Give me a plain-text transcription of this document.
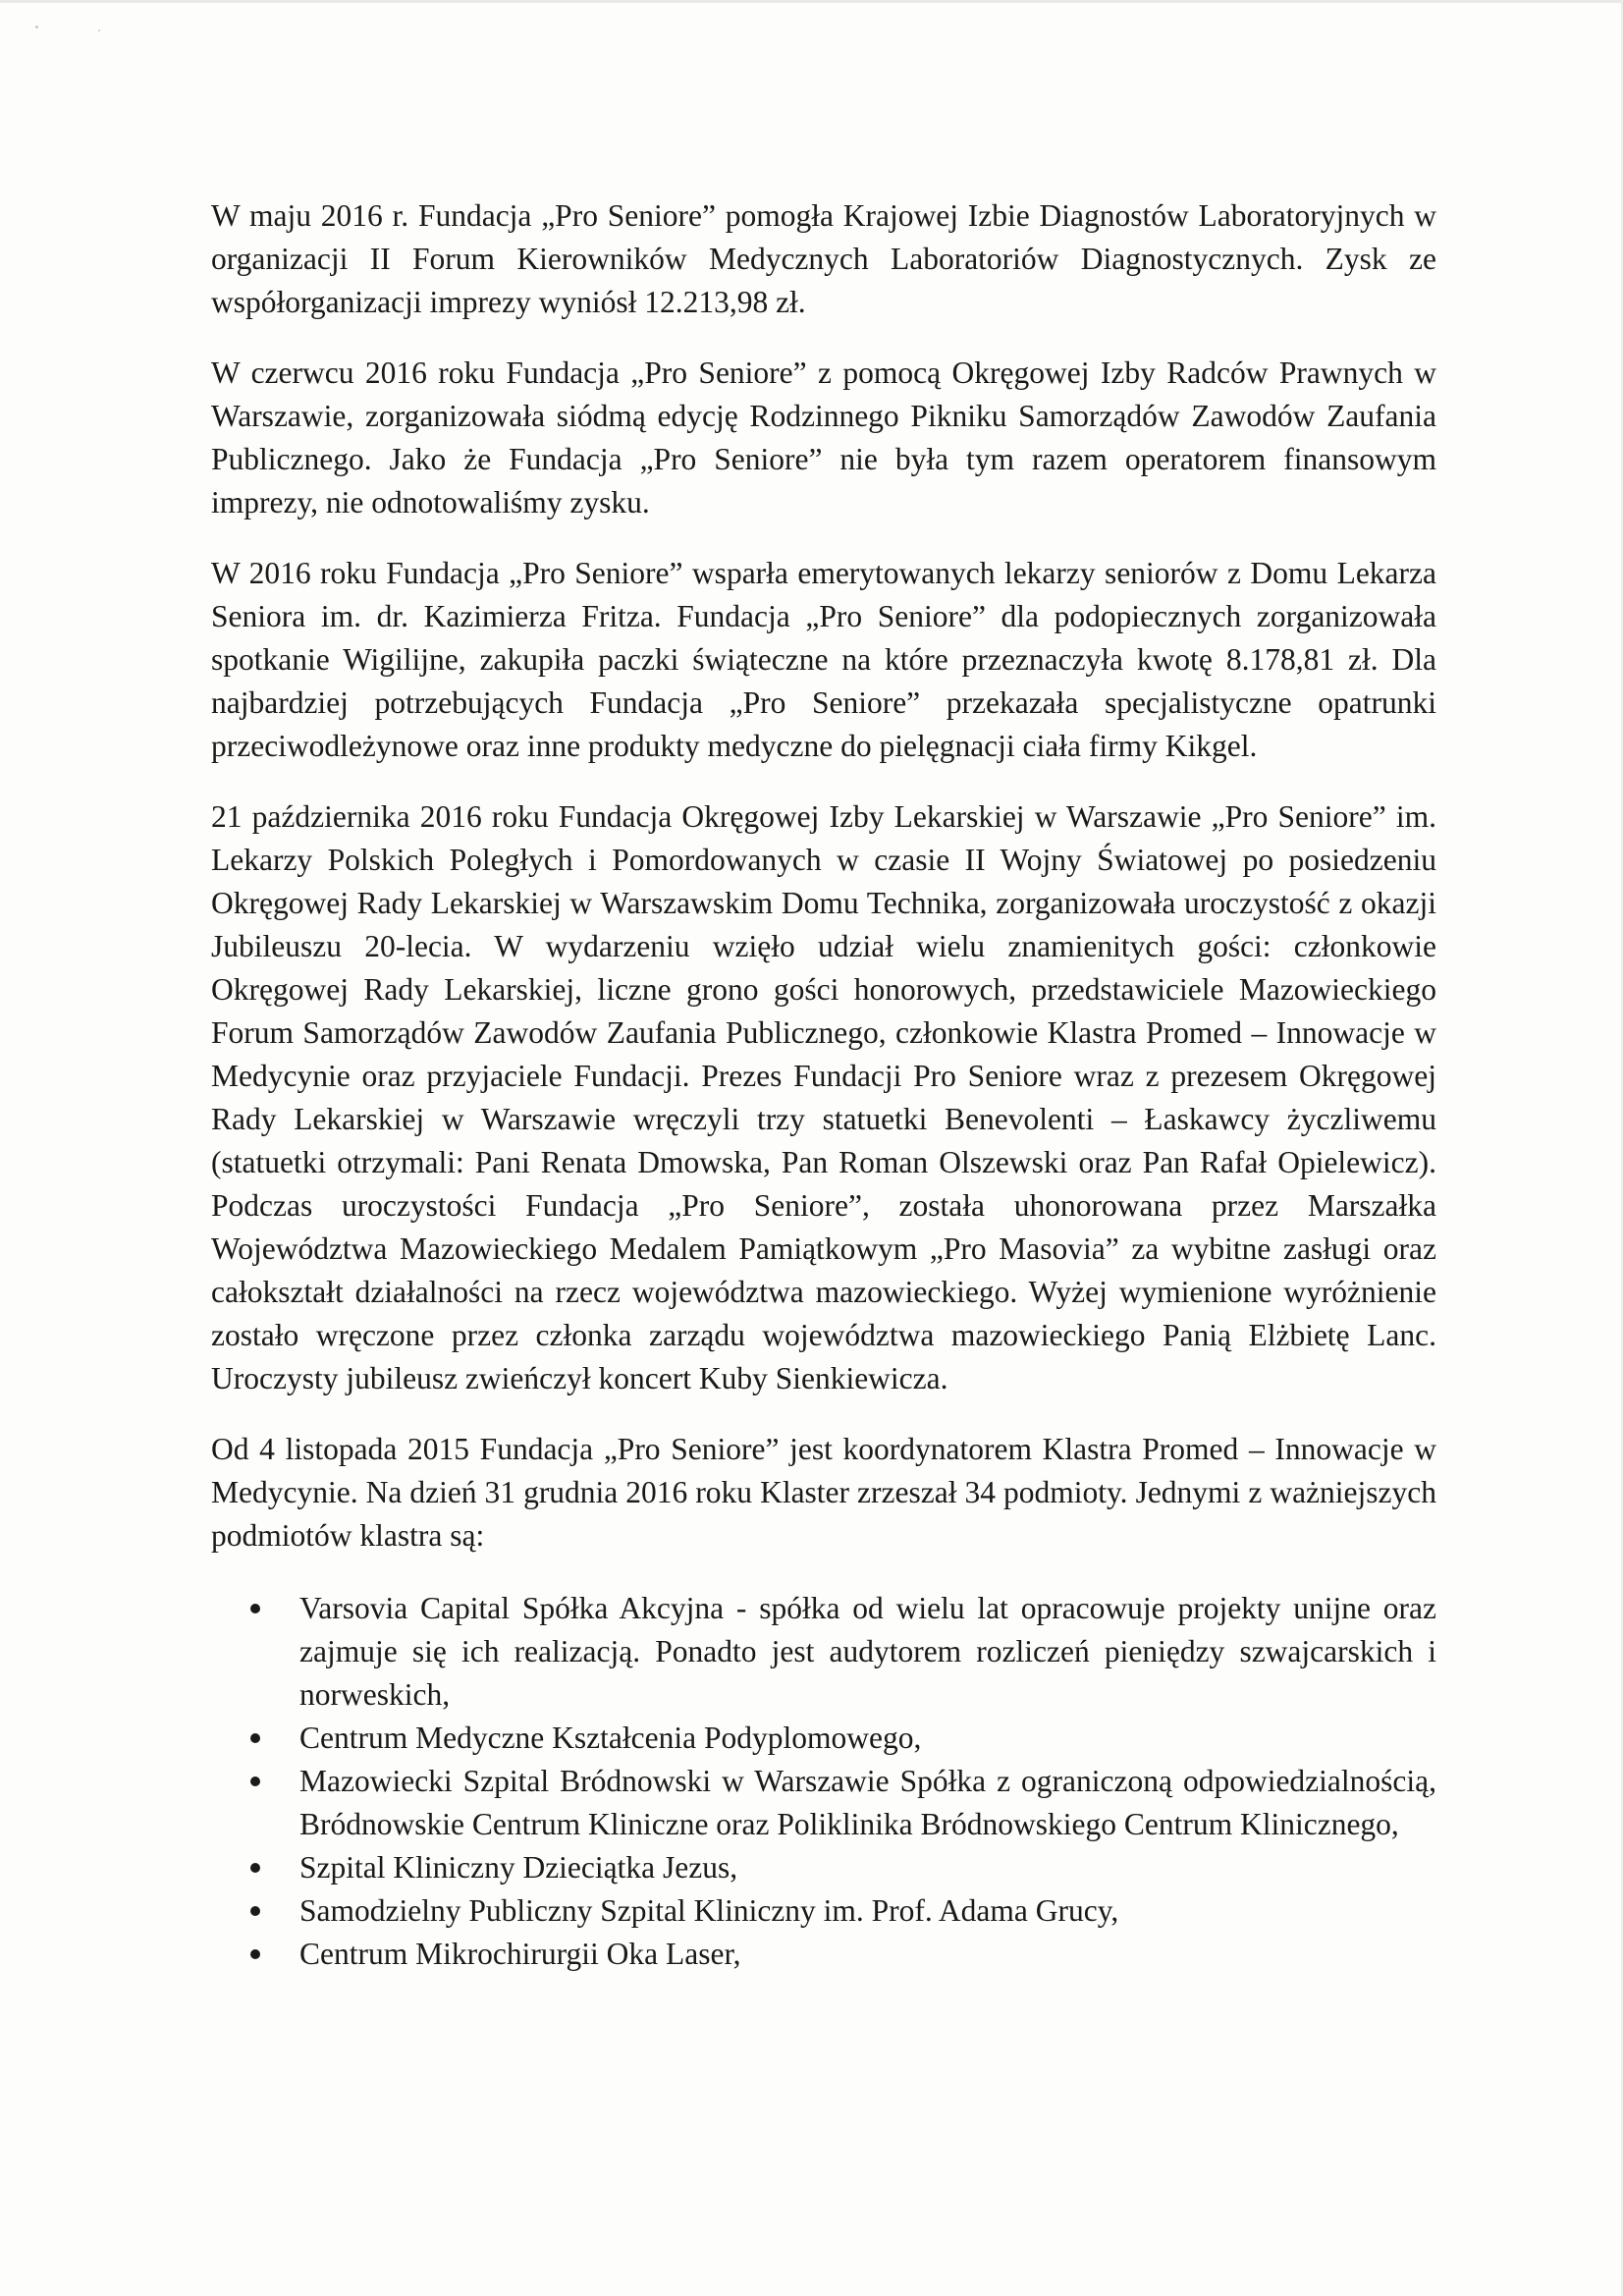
W maju 2016 r. Fundacja „Pro Seniore” pomogła Krajowej Izbie Diagnostów Laboratoryjnych w organizacji II Forum Kierowników Medycznych Laboratoriów Diagnostycznych. Zysk ze współorganizacji imprezy wyniósł 12.213,98 zł.

W czerwcu 2016 roku Fundacja „Pro Seniore” z pomocą Okręgowej Izby Radców Prawnych w Warszawie, zorganizowała siódmą edycję Rodzinnego Pikniku Samorządów Zawodów Zaufania Publicznego. Jako że Fundacja „Pro Seniore” nie była tym razem operatorem finansowym imprezy, nie odnotowaliśmy zysku.

W 2016 roku Fundacja „Pro Seniore” wsparła emerytowanych lekarzy seniorów z Domu Lekarza Seniora im. dr. Kazimierza Fritza. Fundacja „Pro Seniore” dla podopiecznych zorganizowała spotkanie Wigilijne, zakupiła paczki świąteczne na które przeznaczyła kwotę 8.178,81 zł. Dla najbardziej potrzebujących Fundacja „Pro Seniore” przekazała specjalistyczne opatrunki przeciwodleżynowe oraz inne produkty medyczne do pielęgnacji ciała firmy Kikgel.

21 października 2016 roku Fundacja Okręgowej Izby Lekarskiej w Warszawie „Pro Seniore” im. Lekarzy Polskich Poległych i Pomordowanych w czasie II Wojny Światowej po posiedzeniu Okręgowej Rady Lekarskiej w Warszawskim Domu Technika, zorganizowała uroczystość z okazji Jubileuszu 20-lecia. W wydarzeniu wzięło udział wielu znamienitych gości: członkowie Okręgowej Rady Lekarskiej, liczne grono gości honorowych, przedstawiciele Mazowieckiego Forum Samorządów Zawodów Zaufania Publicznego, członkowie Klastra Promed – Innowacje w Medycynie oraz przyjaciele Fundacji. Prezes Fundacji Pro Seniore wraz z prezesem Okręgowej Rady Lekarskiej w Warszawie wręczyli trzy statuetki Benevolenti – Łaskawcy życzliwemu (statuetki otrzymali: Pani Renata Dmowska, Pan Roman Olszewski oraz Pan Rafał Opielewicz). Podczas uroczystości Fundacja „Pro Seniore”, została uhonorowana przez Marszałka Województwa Mazowieckiego Medalem Pamiątkowym „Pro Masovia” za wybitne zasługi oraz całokształt działalności na rzecz województwa mazowieckiego. Wyżej wymienione wyróżnienie zostało wręczone przez członka zarządu województwa mazowieckiego Panią Elżbietę Lanc. Uroczysty jubileusz zwieńczył koncert Kuby Sienkiewicza.

Od 4 listopada 2015 Fundacja „Pro Seniore” jest koordynatorem Klastra Promed – Innowacje w Medycynie. Na dzień 31 grudnia 2016 roku Klaster zrzeszał 34 podmioty. Jednymi z ważniejszych podmiotów klastra są:

Varsovia Capital Spółka Akcyjna - spółka od wielu lat opracowuje projekty unijne oraz zajmuje się ich realizacją. Ponadto jest audytorem rozliczeń pieniędzy szwajcarskich i norweskich,
Centrum Medyczne Kształcenia Podyplomowego,
Mazowiecki Szpital Bródnowski w Warszawie Spółka z ograniczoną odpowiedzialnością, Bródnowskie Centrum Kliniczne oraz Poliklinika Bródnowskiego Centrum Klinicznego,
Szpital Kliniczny Dzieciątka Jezus,
Samodzielny Publiczny Szpital Kliniczny im. Prof. Adama Grucy,
Centrum Mikrochirurgii Oka Laser,
